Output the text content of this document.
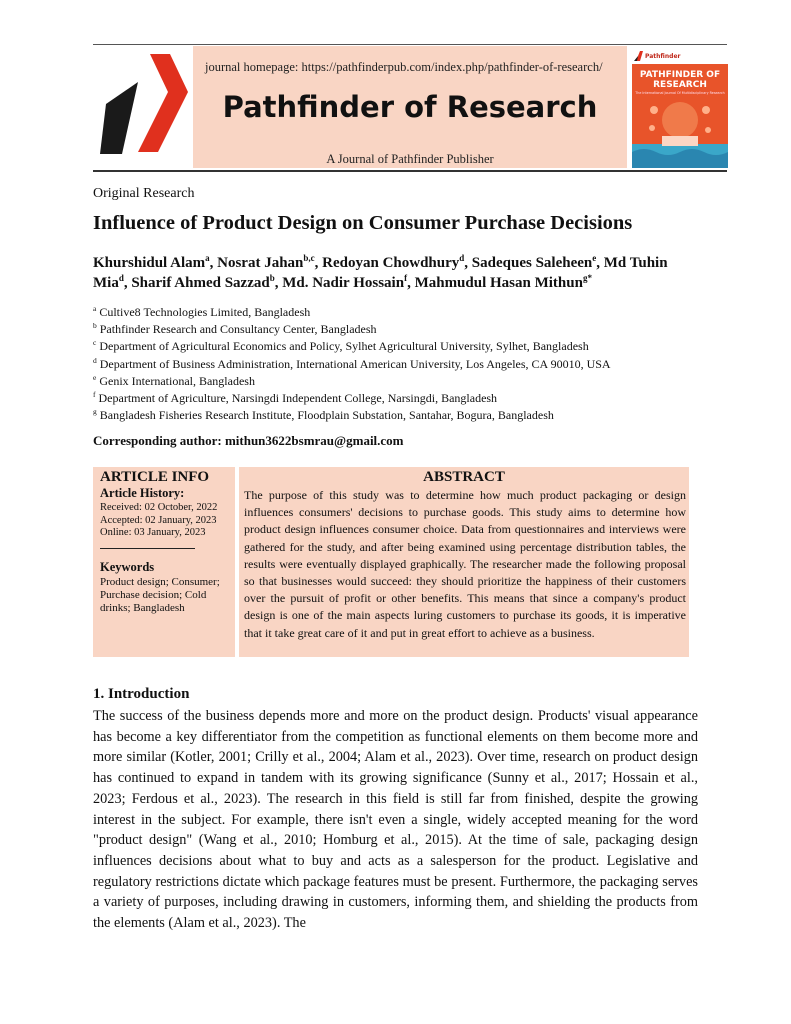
journal homepage: https://pathfinderpub.com/index.php/pathfinder-of-research/
Pathfinder of Research
A Journal of Pathfinder Publisher
Pathfinder
PATHFINDER OF
RESEARCH
The International Journal Of Multidisciplinary Research
Original Research
Influence of Product Design on Consumer Purchase Decisions
Khurshidul Alam$^a$, Nosrat Jahan$^{b,c}$, Redoyan Chowdhury$^d$, Sadeques Saleheen$^e$, Md Tuhin Mia$^d$, Sharif Ahmed Sazzad$^b$, Md. Nadir Hossain$^f$, Mahmudul Hasan Mithun$^{g*}$
$^a$ Cultive8 Technologies Limited, Bangladesh
$^b$ Pathfinder Research and Consultancy Center, Bangladesh
$^c$ Department of Agricultural Economics and Policy, Sylhet Agricultural University, Sylhet, Bangladesh
$^d$ Department of Business Administration, International American University, Los Angeles, CA 90010, USA
$^e$ Genix International, Bangladesh
$^f$ Department of Agriculture, Narsingdi Independent College, Narsingdi, Bangladesh
$^g$ Bangladesh Fisheries Research Institute, Floodplain Substation, Santahar, Bogura, Bangladesh
Corresponding author: mithun3622bsmrau@gmail.com
ARTICLE INFO
Article History:
Received: 02 October, 2022
Accepted: 02 January, 2023
Online: 03 January, 2023
Keywords
Product design; Consumer; Purchase decision; Cold drinks; Bangladesh
ABSTRACT
The purpose of this study was to determine how much product packaging or design influences consumers' decisions to purchase goods. This study aims to determine how product design influences consumer choice. Data from questionnaires and interviews were gathered for the study, and after being examined using percentage distribution tables, the results were eventually displayed graphically. The researcher made the following proposal so that businesses would succeed: they should prioritize the happiness of their customers over the pursuit of profit or other benefits. This means that since a company's product design is one of the main aspects luring customers to purchase its goods, it is imperative that it take great care of it and put in great effort to achieve as a business.
1. Introduction
The success of the business depends more and more on the product design. Products' visual appearance has become a key differentiator from the competition as functional elements on them become more and more similar (Kotler, 2001; Crilly et al., 2004; Alam et al., 2023). Over time, research on product design has continued to expand in tandem with its growing significance (Sunny et al., 2017; Hossain et al., 2023; Ferdous et al., 2023). The research in this field is still far from finished, despite the growing interest in the subject. For example, there isn't even a single, widely accepted meaning for the word "product design" (Wang et al., 2010; Homburg et al., 2015). At the time of sale, packaging design influences decisions about what to buy and acts as a salesperson for the product. Legislative and regulatory restrictions dictate which package features must be present. Furthermore, the packaging serves a variety of purposes, including drawing in customers, informing them, and shielding the products from the elements (Alam et al., 2023). The
